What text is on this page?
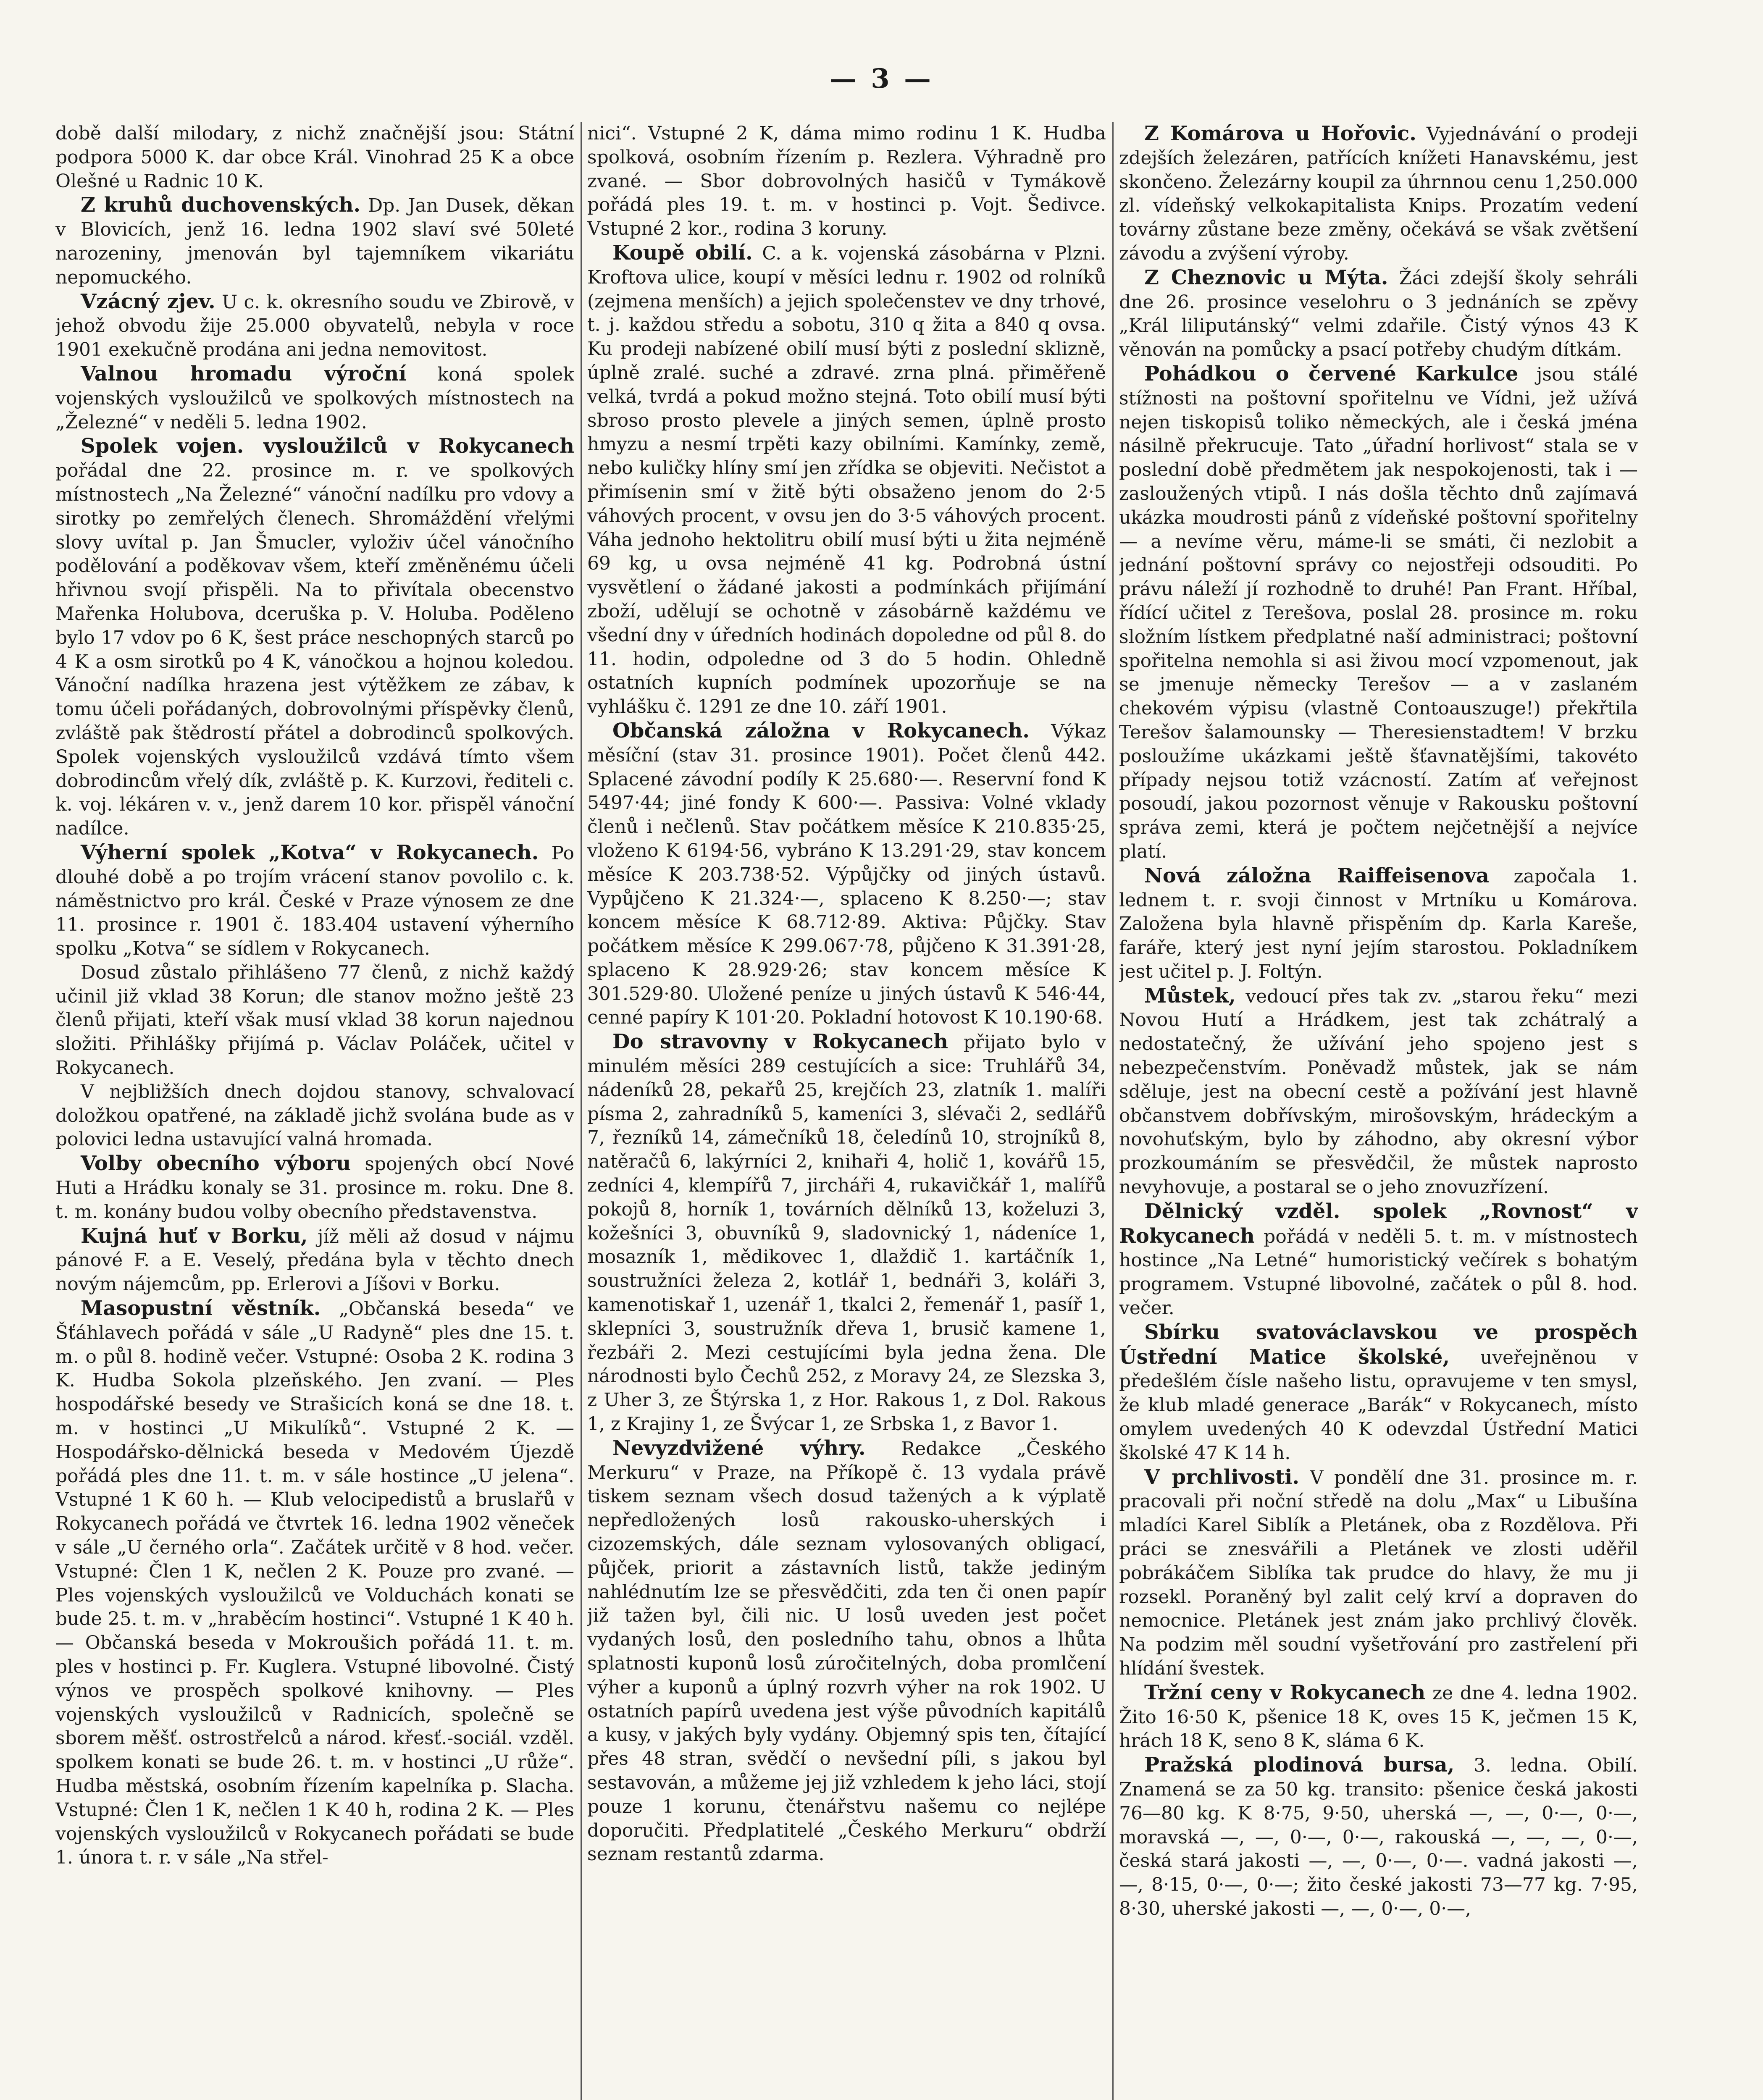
— 3 —

době další milodary, z nichž značnější jsou: Státní podpora 5000 K. dar obce Král. Vinohrad 25 K a obce Olešné u Radnic 10 K.

Z kruhů duchovenských. Dp. Jan Dusek, děkan v Blovicích, jenž 16. ledna 1902 slaví své 50leté narozeniny, jmenován byl tajemníkem vikariátu nepomuckého.

Vzácný zjev. U c. k. okresního soudu ve Zbirově, v jehož obvodu žije 25.000 obyvatelů, nebyla v roce 1901 exekučně prodána ani jedna nemovitost.

Valnou hromadu výroční koná spolek vojenských vysloužilců ve spolkových místnostech na „Železné“ v neděli 5. ledna 1902.

Spolek vojen. vysloužilců v Rokycanech pořádal dne 22. prosince m. r. ve spolkových místnostech „Na Železné“ vánoční nadílku pro vdovy a sirotky po zemřelých členech. Shromáždění vřelými slovy uvítal p. Jan Šmucler, vyloživ účel vánočního podělování a poděkovav všem, kteří změněnému účeli hřivnou svojí přispěli. Na to přivítala obecenstvo Mařenka Holubova, dceruška p. V. Holuba. Poděleno bylo 17 vdov po 6 K, šest práce neschopných starců po 4 K a osm sirotků po 4 K, vánočkou a hojnou koledou. Vánoční nadílka hrazena jest výtěžkem ze zábav, k tomu účeli pořádaných, dobrovolnými příspěvky členů, zvláště pak štědrostí přátel a dobrodinců spolkových. Spolek vojenských vysloužilců vzdává tímto všem dobrodincům vřelý dík, zvláště p. K. Kurzovi, řediteli c. k. voj. lékáren v. v., jenž darem 10 kor. přispěl vánoční nadílce.

Výherní spolek „Kotva“ v Rokycanech. Po dlouhé době a po trojím vrácení stanov povolilo c. k. náměstnictvo pro král. České v Praze výnosem ze dne 11. prosince r. 1901 č. 183.404 ustavení výherního spolku „Kotva“ se sídlem v Rokycanech.

Dosud zůstalo přihlášeno 77 členů, z nichž každý učinil již vklad 38 Korun; dle stanov možno ještě 23 členů přijati, kteří však musí vklad 38 korun najednou složiti. Přihlášky přijímá p. Václav Poláček, učitel v Rokycanech.

V nejbližších dnech dojdou stanovy, schvalovací doložkou opatřené, na základě jichž svolána bude as v polovici ledna ustavující valná hromada.

Volby obecního výboru spojených obcí Nové Huti a Hrádku konaly se 31. prosince m. roku. Dne 8. t. m. konány budou volby obecního představenstva.

Kujná huť v Borku, jíž měli až dosud v nájmu pánové F. a E. Veselý, předána byla v těchto dnech novým nájemcům, pp. Erlerovi a Jíšovi v Borku.

Masopustní věstník. „Občanská beseda“ ve Šťáhlavech pořádá v sále „U Radyně“ ples dne 15. t. m. o půl 8. hodině večer. Vstupné: Osoba 2 K. rodina 3 K. Hudba Sokola plzeňského. Jen zvaní. — Ples hospodářské besedy ve Strašicích koná se dne 18. t. m. v hostinci „U Mikulíků“. Vstupné 2 K. — Hospodářsko-dělnická beseda v Medovém Újezdě pořádá ples dne 11. t. m. v sále hostince „U jelena“. Vstupné 1 K 60 h. — Klub velocipedistů a bruslařů v Rokycanech pořádá ve čtvrtek 16. ledna 1902 věneček v sále „U černého orla“. Začátek určitě v 8 hod. večer. Vstupné: Člen 1 K, nečlen 2 K. Pouze pro zvané. — Ples vojenských vysloužilců ve Volduchách konati se bude 25. t. m. v „hraběcím hostinci“. Vstupné 1 K 40 h. — Občanská beseda v Mokroušich pořádá 11. t. m. ples v hostinci p. Fr. Kuglera. Vstupné libovolné. Čistý výnos ve prospěch spolkové knihovny. — Ples vojenských vysloužilců v Radnicích, společně se sborem měšť. ostrostřelců a národ. křesť.-sociál. vzděl. spolkem konati se bude 26. t. m. v hostinci „U růže“. Hudba městská, osobním řízením kapelníka p. Slacha. Vstupné: Člen 1 K, nečlen 1 K 40 h, rodina 2 K. — Ples vojenských vysloužilců v Rokycanech pořádati se bude 1. února t. r. v sále „Na střel-

nici“. Vstupné 2 K, dáma mimo rodinu 1 K. Hudba spolková, osobním řízením p. Rezlera. Výhradně pro zvané. — Sbor dobrovolných hasičů v Tymákově pořádá ples 19. t. m. v hostinci p. Vojt. Šedivce. Vstupné 2 kor., rodina 3 koruny.

Koupě obilí. C. a k. vojenská zásobárna v Plzni. Kroftova ulice, koupí v měsíci lednu r. 1902 od rolníků (zejmena menších) a jejich společenstev ve dny trhové, t. j. každou středu a sobotu, 310 q žita a 840 q ovsa. Ku prodeji nabízené obilí musí býti z poslední sklizně, úplně zralé. suché a zdravé. zrna plná. přiměřeně velká, tvrdá a pokud možno stejná. Toto obilí musí býti sbroso prosto plevele a jiných semen, úplně prosto hmyzu a nesmí trpěti kazy obilními. Kamínky, země, nebo kuličky hlíny smí jen zřídka se objeviti. Nečistot a přimísenin smí v žitě býti obsaženo jenom do 2·5 váhových procent, v ovsu jen do 3·5 váhových procent. Váha jednoho hektolitru obilí musí býti u žita nejméně 69 kg, u ovsa nejméně 41 kg. Podrobná ústní vysvětlení o žádané jakosti a podmínkách přijímání zboží, udělují se ochotně v zásobárně každému ve všední dny v úředních hodinách dopoledne od půl 8. do 11. hodin, odpoledne od 3 do 5 hodin. Ohledně ostatních kupních podmínek upozorňuje se na vyhlášku č. 1291 ze dne 10. září 1901.

Občanská záložna v Rokycanech. Výkaz měsíční (stav 31. prosince 1901). Počet členů 442. Splacené závodní podíly K 25.680·—. Reservní fond K 5497·44; jiné fondy K 600·—. Passiva: Volné vklady členů i nečlenů. Stav počátkem měsíce K 210.835·25, vloženo K 6194·56, vybráno K 13.291·29, stav koncem měsíce K 203.738·52. Výpůjčky od jiných ústavů. Vypůjčeno K 21.324·—, splaceno K 8.250·—; stav koncem měsíce K 68.712·89. Aktiva: Půjčky. Stav počátkem měsíce K 299.067·78, půjčeno K 31.391·28, splaceno K 28.929·26; stav koncem měsíce K 301.529·80. Uložené peníze u jiných ústavů K 546·44, cenné papíry K 101·20. Pokladní hotovost K 10.190·68.

Do stravovny v Rokycanech přijato bylo v minulém měsíci 289 cestujících a sice: Truhlářů 34, nádeníků 28, pekařů 25, krejčích 23, zlatník 1. malíři písma 2, zahradníků 5, kameníci 3, slévači 2, sedlářů 7, řezníků 14, zámečníků 18, čeledínů 10, strojníků 8, natěračů 6, lakýrníci 2, knihaři 4, holič 1, kovářů 15, zedníci 4, klempířů 7, jircháři 4, rukavičkář 1, malířů pokojů 8, horník 1, továrních dělníků 13, koželuzi 3, kožešníci 3, obuvníků 9, sladovnický 1, nádeníce 1, mosazník 1, mědikovec 1, dlaždič 1. kartáčník 1, soustružníci železa 2, kotlář 1, bednáři 3, koláři 3, kamenotiskař 1, uzenář 1, tkalci 2, řemenář 1, pasíř 1, sklepníci 3, soustružník dřeva 1, brusič kamene 1, řezbáři 2. Mezi cestujícími byla jedna žena. Dle národnosti bylo Čechů 252, z Moravy 24, ze Slezska 3, z Uher 3, ze Štýrska 1, z Hor. Rakous 1, z Dol. Rakous 1, z Krajiny 1, ze Švýcar 1, ze Srbska 1, z Bavor 1.

Nevyzdvižené výhry. Redakce „Českého Merkuru“ v Praze, na Příkopě č. 13 vydala právě tiskem seznam všech dosud tažených a k výplatě nepředložených losů rakousko-uherských i cizozemských, dále seznam vylosovaných obligací, půjček, priorit a zástavních listů, takže jediným nahlédnutím lze se přesvědčiti, zda ten či onen papír již tažen byl, čili nic. U losů uveden jest počet vydaných losů, den posledního tahu, obnos a lhůta splatnosti kuponů losů zúročitelných, doba promlčení výher a kuponů a úplný rozvrh výher na rok 1902. U ostatních papírů uvedena jest výše původních kapitálů a kusy, v jakých byly vydány. Objemný spis ten, čítající přes 48 stran, svědčí o nevšední píli, s jakou byl sestavován, a můžeme jej již vzhledem k jeho láci, stojí pouze 1 korunu, čtenářstvu našemu co nejlépe doporučiti. Předplatitelé „Českého Merkuru“ obdrží seznam restantů zdarma.

Z Komárova u Hořovic. Vyjednávání o prodeji zdejších železáren, patřících knížeti Hanavskému, jest skončeno. Železárny koupil za úhrnnou cenu 1,250.000 zl. vídeňský velkokapitalista Knips. Prozatím vedení továrny zůstane beze změny, očekává se však zvětšení závodu a zvýšení výroby.

Z Cheznovic u Mýta. Žáci zdejší školy sehráli dne 26. prosince veselohru o 3 jednáních se zpěvy „Král liliputánský“ velmi zdařile. Čistý výnos 43 K věnován na pomůcky a psací potřeby chudým dítkám.

Pohádkou o červené Karkulce jsou stálé stížnosti na poštovní spořitelnu ve Vídni, jež užívá nejen tiskopisů toliko německých, ale i česká jména násilně překrucuje. Tato „úřadní horlivost“ stala se v poslední době předmětem jak nespokojenosti, tak i — zasloužených vtipů. I nás došla těchto dnů zajímavá ukázka moudrosti pánů z vídeňské poštovní spořitelny — a nevíme věru, máme-li se smáti, či nezlobit a jednání poštovní správy co nejostřeji odsouditi. Po právu náleží jí rozhodně to druhé! Pan Frant. Hříbal, řídící učitel z Terešova, poslal 28. prosince m. roku složním lístkem předplatné naší administraci; poštovní spořitelna nemohla si asi živou mocí vzpomenout, jak se jmenuje německy Terešov — a v zaslaném chekovém výpisu (vlastně Contoauszuge!) překřtila Terešov šalamounsky — Theresienstadtem! V brzku posloužíme ukázkami ještě šťavnatějšími, takovéto případy nejsou totiž vzácností. Zatím ať veřejnost posoudí, jakou pozornost věnuje v Rakousku poštovní správa zemi, která je počtem nejčetnější a nejvíce platí.

Nová záložna Raiffeisenova započala 1. lednem t. r. svoji činnost v Mrtníku u Komárova. Založena byla hlavně přispěním dp. Karla Kareše, faráře, který jest nyní jejím starostou. Pokladníkem jest učitel p. J. Foltýn.

Můstek, vedoucí přes tak zv. „starou řeku“ mezi Novou Hutí a Hrádkem, jest tak zchátralý a nedostatečný, že užívání jeho spojeno jest s nebezpečenstvím. Poněvadž můstek, jak se nám sděluje, jest na obecní cestě a požívání jest hlavně občanstvem dobřívským, mirošovským, hrádeckým a novohuťským, bylo by záhodno, aby okresní výbor prozkoumáním se přesvědčil, že můstek naprosto nevyhovuje, a postaral se o jeho znovuzřízení.

Dělnický vzděl. spolek „Rovnost“ v Rokycanech pořádá v neděli 5. t. m. v místnostech hostince „Na Letné“ humoristický večírek s bohatým programem. Vstupné libovolné, začátek o půl 8. hod. večer.

Sbírku svatováclavskou ve prospěch Ústřední Matice školské, uveřejněnou v předešlém čísle našeho listu, opravujeme v ten smysl, že klub mladé generace „Barák“ v Rokycanech, místo omylem uvedených 40 K odevzdal Ústřední Matici školské 47 K 14 h.

V prchlivosti. V pondělí dne 31. prosince m. r. pracovali při noční středě na dolu „Max“ u Libušína mladíci Karel Siblík a Pletánek, oba z Rozdělova. Při práci se znesvářili a Pletánek ve zlosti uděřil pobrákáčem Siblíka tak prudce do hlavy, že mu ji rozsekl. Poraněný byl zalit celý krví a dopraven do nemocnice. Pletánek jest znám jako prchlivý člověk. Na podzim měl soudní vyšetřování pro zastřelení při hlídání švestek.

Tržní ceny v Rokycanech ze dne 4. ledna 1902. Žito 16·50 K, pšenice 18 K, oves 15 K, ječmen 15 K, hrách 18 K, seno 8 K, sláma 6 K.

Pražská plodinová bursa, 3. ledna. Obilí. Znamená se za 50 kg. transito: pšenice česká jakosti 76—80 kg. K 8·75, 9·50, uherská —, —, 0·—, 0·—, moravská —, —, 0·—, 0·—, rakouská —, —, —, 0·—, česká stará jakosti —, —, 0·—, 0·—. vadná jakosti —, —, 8·15, 0·—, 0·—; žito české jakosti 73—77 kg. 7·95, 8·30, uherské jakosti —, —, 0·—, 0·—,
